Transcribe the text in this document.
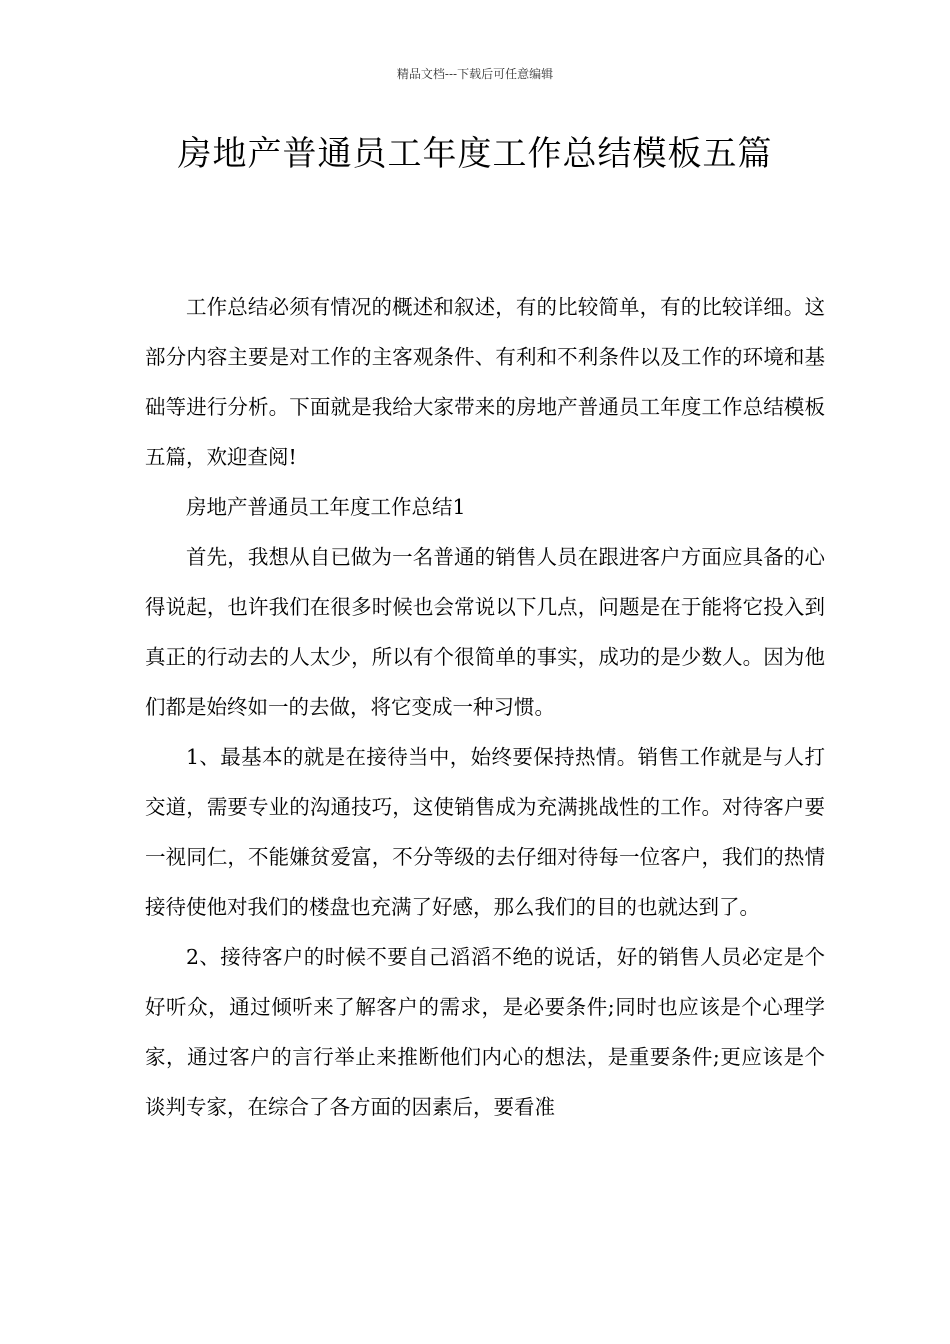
精品文档---下载后可任意编辑
房地产普通员工年度工作总结模板五篇

工作总结必须有情况的概述和叙述，有的比较简单，有的比较详细。这部分内容主要是对工作的主客观条件、有利和不利条件以及工作的环境和基础等进行分析。下面就是我给大家带来的房地产普通员工年度工作总结模板五篇，欢迎查阅!

房地产普通员工年度工作总结1

首先，我想从自已做为一名普通的销售人员在跟进客户方面应具备的心得说起，也许我们在很多时候也会常说以下几点，问题是在于能将它投入到真正的行动去的人太少，所以有个很简单的事实，成功的是少数人。因为他们都是始终如一的去做，将它变成一种习惯。

1、最基本的就是在接待当中，始终要保持热情。销售工作就是与人打交道，需要专业的沟通技巧，这使销售成为充满挑战性的工作。对待客户要一视同仁，不能嫌贫爱富，不分等级的去仔细对待每一位客户，我们的热情接待使他对我们的楼盘也充满了好感，那么我们的目的也就达到了。

2、接待客户的时候不要自己滔滔不绝的说话，好的销售人员必定是个好听众，通过倾听来了解客户的需求，是必要条件;同时也应该是个心理学家，通过客户的言行举止来推断他们内心的想法，是重要条件;更应该是个谈判专家，在综合了各方面的因素后，要看准
